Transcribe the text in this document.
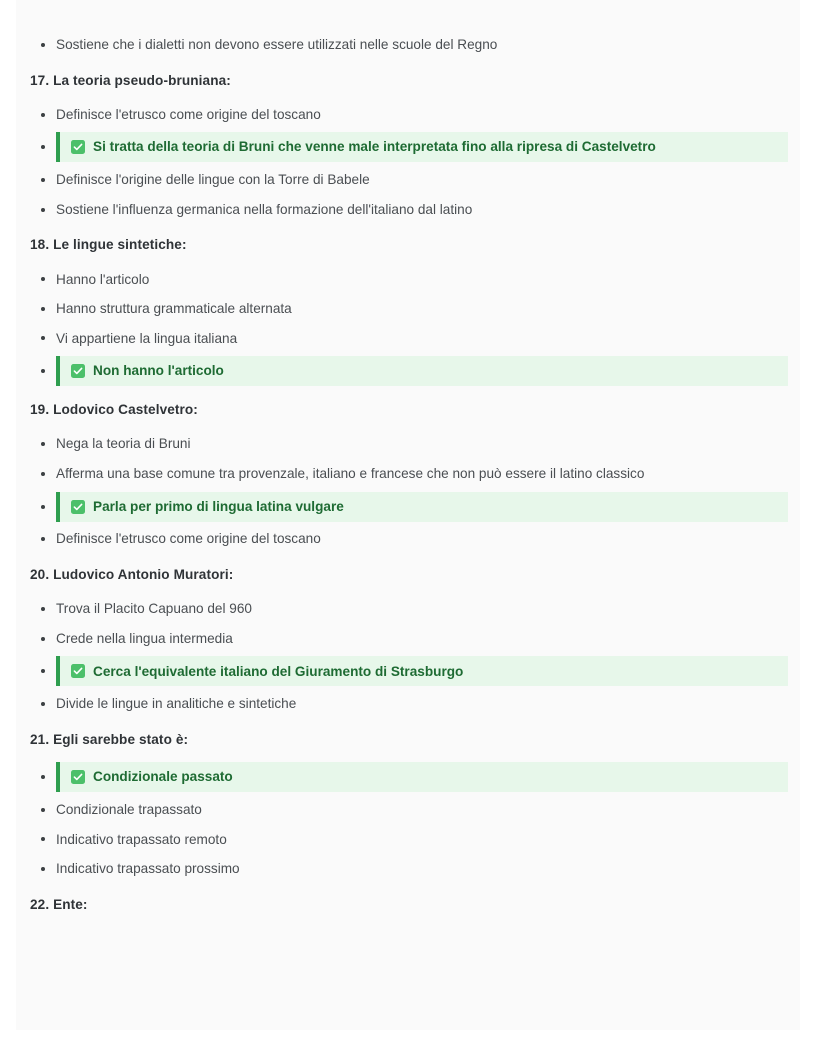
Sostiene che i dialetti non devono essere utilizzati nelle scuole del Regno
17. La teoria pseudo-bruniana:
Definisce l'etrusco come origine del toscano
Si tratta della teoria di Bruni che venne male interpretata fino alla ripresa di Castelvetro
Definisce l'origine delle lingue con la Torre di Babele
Sostiene l'influenza germanica nella formazione dell'italiano dal latino
18. Le lingue sintetiche:
Hanno l'articolo
Hanno struttura grammaticale alternata
Vi appartiene la lingua italiana
Non hanno l'articolo
19. Lodovico Castelvetro:
Nega la teoria di Bruni
Afferma una base comune tra provenzale, italiano e francese che non può essere il latino classico
Parla per primo di lingua latina vulgare
Definisce l'etrusco come origine del toscano
20. Ludovico Antonio Muratori:
Trova il Placito Capuano del 960
Crede nella lingua intermedia
Cerca l'equivalente italiano del Giuramento di Strasburgo
Divide le lingue in analitiche e sintetiche
21. Egli sarebbe stato è:
Condizionale passato
Condizionale trapassato
Indicativo trapassato remoto
Indicativo trapassato prossimo
22. Ente:
